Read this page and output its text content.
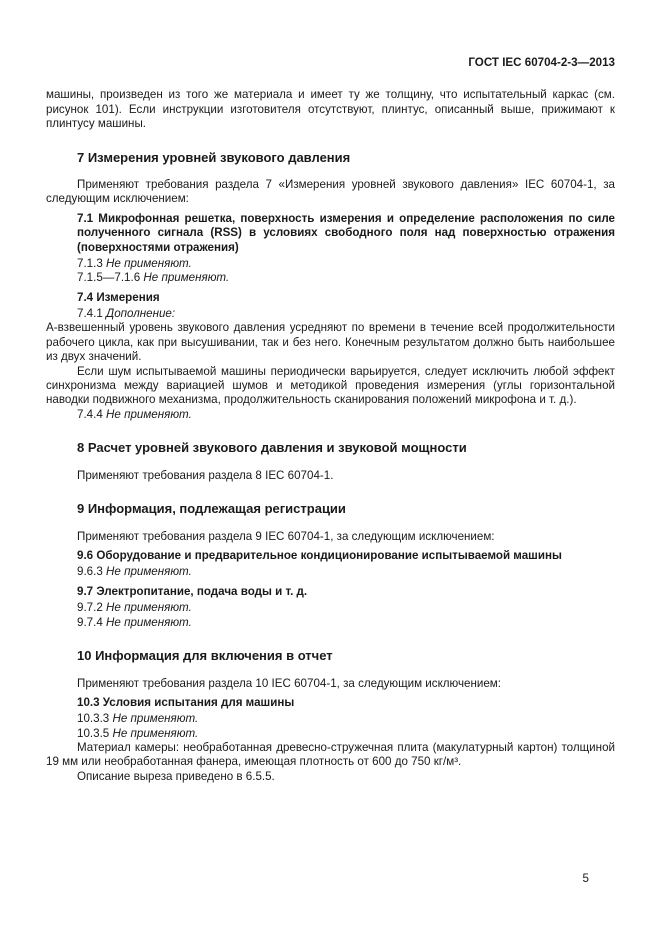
ГОСТ IEC 60704-2-3—2013

машины, произведен из того же материала и имеет ту же толщину, что испытательный каркас (см. рисунок 101). Если инструкции изготовителя отсутствуют, плинтус, описанный выше, прижимают к плинтусу машины.

7 Измерения уровней звукового давления

Применяют требования раздела 7 «Измерения уровней звукового давления» IEC 60704-1, за следующим исключением:

7.1 Микрофонная решетка, поверхность измерения и определение расположения по силе полученного сигнала (RSS) в условиях свободного поля над поверхностью отражения (поверхностями отражения)

7.1.3 Не применяют.

7.1.5—7.1.6 Не применяют.

7.4 Измерения

7.4.1 Дополнение:

А-взвешенный уровень звукового давления усредняют по времени в течение всей продолжительности рабочего цикла, как при высушивании, так и без него. Конечным результатом должно быть наибольшее из двух значений.

Если шум испытываемой машины периодически варьируется, следует исключить любой эффект синхронизма между вариацией шумов и методикой проведения измерения (углы горизонтальной наводки подвижного механизма, продолжительность сканирования положений микрофона и т. д.).

7.4.4 Не применяют.

8 Расчет уровней звукового давления и звуковой мощности

Применяют требования раздела 8 IEC 60704-1.

9 Информация, подлежащая регистрации

Применяют требования раздела 9 IEC 60704-1, за следующим исключением:

9.6 Оборудование и предварительное кондиционирование испытываемой машины

9.6.3 Не применяют.

9.7 Электропитание, подача воды и т. д.

9.7.2 Не применяют.

9.7.4 Не применяют.

10 Информация для включения в отчет

Применяют требования раздела 10 IEC 60704-1, за следующим исключением:

10.3 Условия испытания для машины

10.3.3 Не применяют.

10.3.5 Не применяют.

Материал камеры: необработанная древесно-стружечная плита (макулатурный картон) толщиной 19 мм или необработанная фанера, имеющая плотность от 600 до 750 кг/м³.

Описание выреза приведено в 6.5.5.

5
